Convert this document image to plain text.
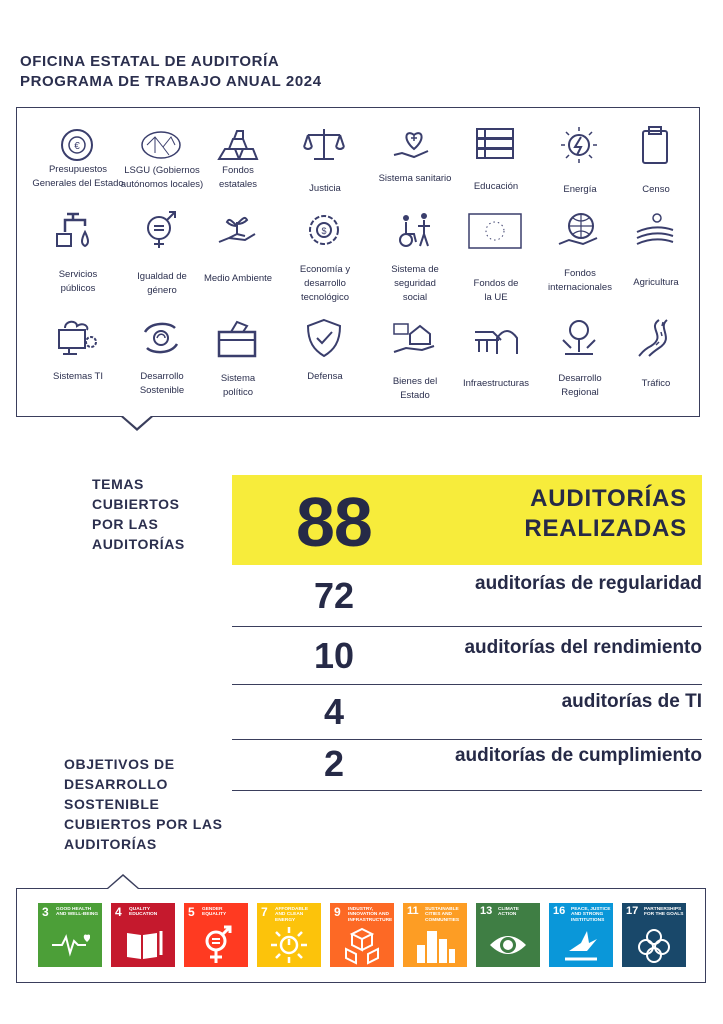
OFICINA ESTATAL DE AUDITORÍA
PROGRAMA DE TRABAJO ANUAL 2024
€
Presupuestos
Generales del Estado
LSGU (Gobiernos
autónomos locales)
Fondos
estatales	Justicia
Sistema sanitario
Educación	Energía	Censo
Servicios
públicos
Igualdad de
género
Medio Ambiente
$
Economía y
desarrollo
tecnológico
Sistema de
seguridad
social
Fondos de
la UE
Fondos
internacionales	Agricultura
Sistemas TI	Desarrollo
Sostenible
Sistema
político
Defensa	Bienes del
Estado
Infraestructuras	Desarrollo
Regional
Tráfico
TEMAS
CUBIERTOS
POR LAS
AUDITORÍAS 88	AUDITORÍAS
REALIZADAS
72	auditorías de regularidad
10	auditorías del rendimiento
4	auditorías de TI
2	auditorías de cumplimiento
OBJETIVOS DE
DESARROLLO
SOSTENIBLE
CUBIERTOS POR LAS
AUDITORÍAS
3 GOOD HEALTH AND WELL-BEING 4 QUALITY EDUCATION	5 GENDER EQUALITY	7 AFFORDABLE AND CLEAN ENERGY
9 INDUSTRY, INNOVATION AND INFRASTRUCTURE
11 SUSTAINABLE CITIES AND COMMUNITIES
13 CLIMATE ACTION	16 PEACE, JUSTICE AND STRONG INSTITUTIONS
17 PARTNERSHIPS FOR THE GOALS
